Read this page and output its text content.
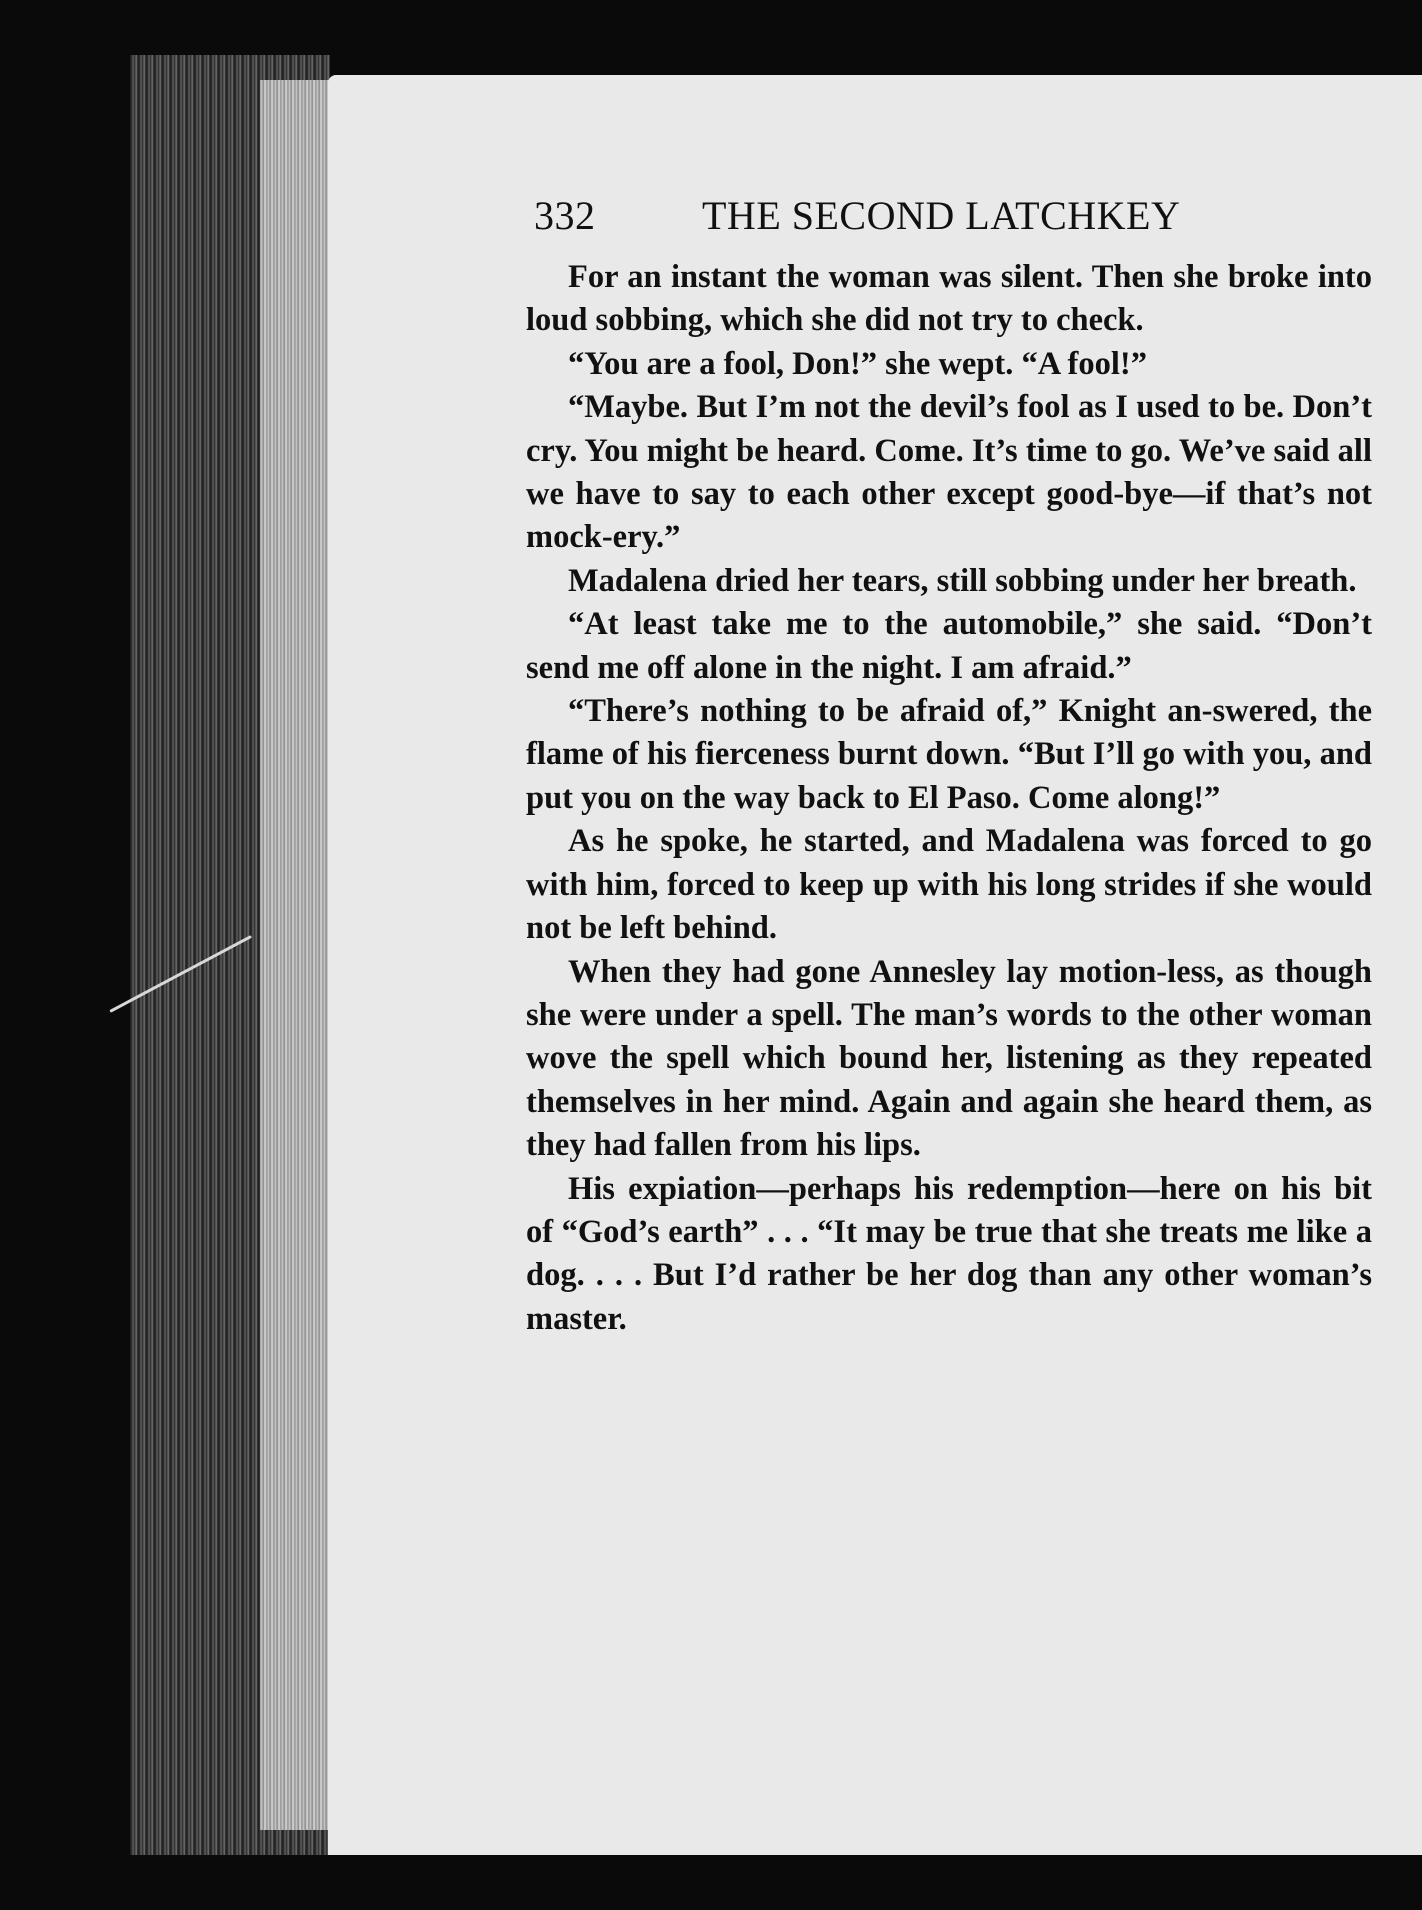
332	THE SECOND LATCHKEY

For an instant the woman was silent. Then she broke into loud sobbing, which she did not try to check.

“You are a fool, Don!” she wept. “A fool!”

“Maybe. But I’m not the devil’s fool as I used to be. Don’t cry. You might be heard. Come. It’s time to go. We’ve said all we have to say to each other except good-bye—if that’s not mock-ery.”

Madalena dried her tears, still sobbing under her breath.

“At least take me to the automobile,” she said. “Don’t send me off alone in the night. I am afraid.”

“There’s nothing to be afraid of,” Knight an-swered, the flame of his fierceness burnt down. “But I’ll go with you, and put you on the way back to El Paso. Come along!”

As he spoke, he started, and Madalena was forced to go with him, forced to keep up with his long strides if she would not be left behind.

When they had gone Annesley lay motion-less, as though she were under a spell. The man’s words to the other woman wove the spell which bound her, listening as they repeated themselves in her mind. Again and again she heard them, as they had fallen from his lips.

His expiation—perhaps his redemption—here on his bit of “God’s earth” . . . “It may be true that she treats me like a dog. . . . But I’d rather be her dog than any other woman’s master.
